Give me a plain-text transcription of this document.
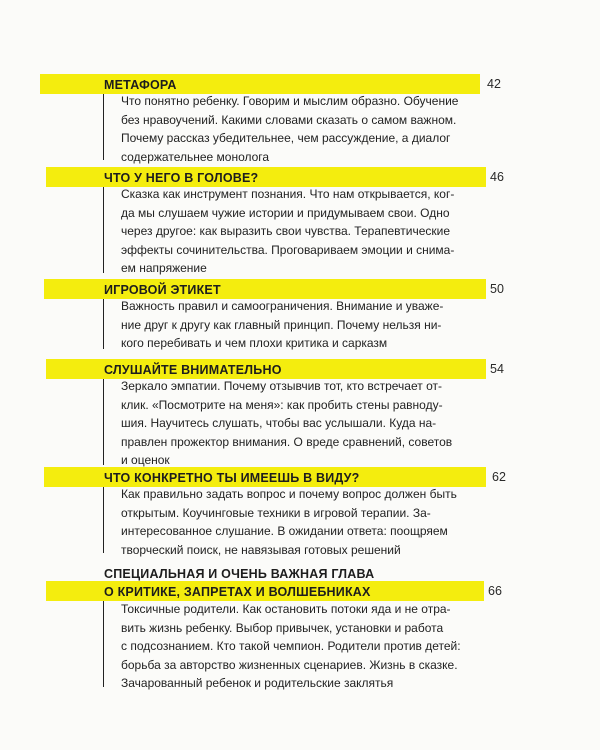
МЕТАФОРА	42

Что понятно ребенку. Говорим и мыслим образно. Обучение

без нравоучений. Какими словами сказать о самом важном.

Почему рассказ убедительнее, чем рассуждение, а диалог

содержательнее монолога

ЧТО У НЕГО В ГОЛОВЕ?	46

Сказка как инструмент познания. Что нам открывается, ког-

да мы слушаем чужие истории и придумываем свои. Одно

через другое: как выразить свои чувства. Терапевтические

эффекты сочинительства. Проговариваем эмоции и снима-

ем напряжение

ИГРОВОЙ ЭТИКЕТ	50

Важность правил и самоограничения. Внимание и уваже-

ние друг к другу как главный принцип. Почему нельзя ни-

кого перебивать и чем плохи критика и сарказм

СЛУШАЙТЕ ВНИМАТЕЛЬНО	54

Зеркало эмпатии. Почему отзывчив тот, кто встречает от-

клик. «Посмотрите на меня»: как пробить стены равноду-

шия. Научитесь слушать, чтобы вас услышали. Куда на-

правлен прожектор внимания. О вреде сравнений, советов

и оценок

ЧТО КОНКРЕТНО ТЫ ИМЕЕШЬ В ВИДУ?	62

Как правильно задать вопрос и почему вопрос должен быть

открытым. Коучинговые техники в игровой терапии. За-

интересованное слушание. В ожидании ответа: поощряем

творческий поиск, не навязывая готовых решений

СПЕЦИАЛЬНАЯ И ОЧЕНЬ ВАЖНАЯ ГЛАВА
О КРИТИКЕ, ЗАПРЕТАХ И ВОЛШЕБНИКАХ	66

Токсичные родители. Как остановить потоки яда и не отра-

вить жизнь ребенку. Выбор привычек, установки и работа

с подсознанием. Кто такой чемпион. Родители против детей:

борьба за авторство жизненных сценариев. Жизнь в сказке.

Зачарованный ребенок и родительские заклятья
